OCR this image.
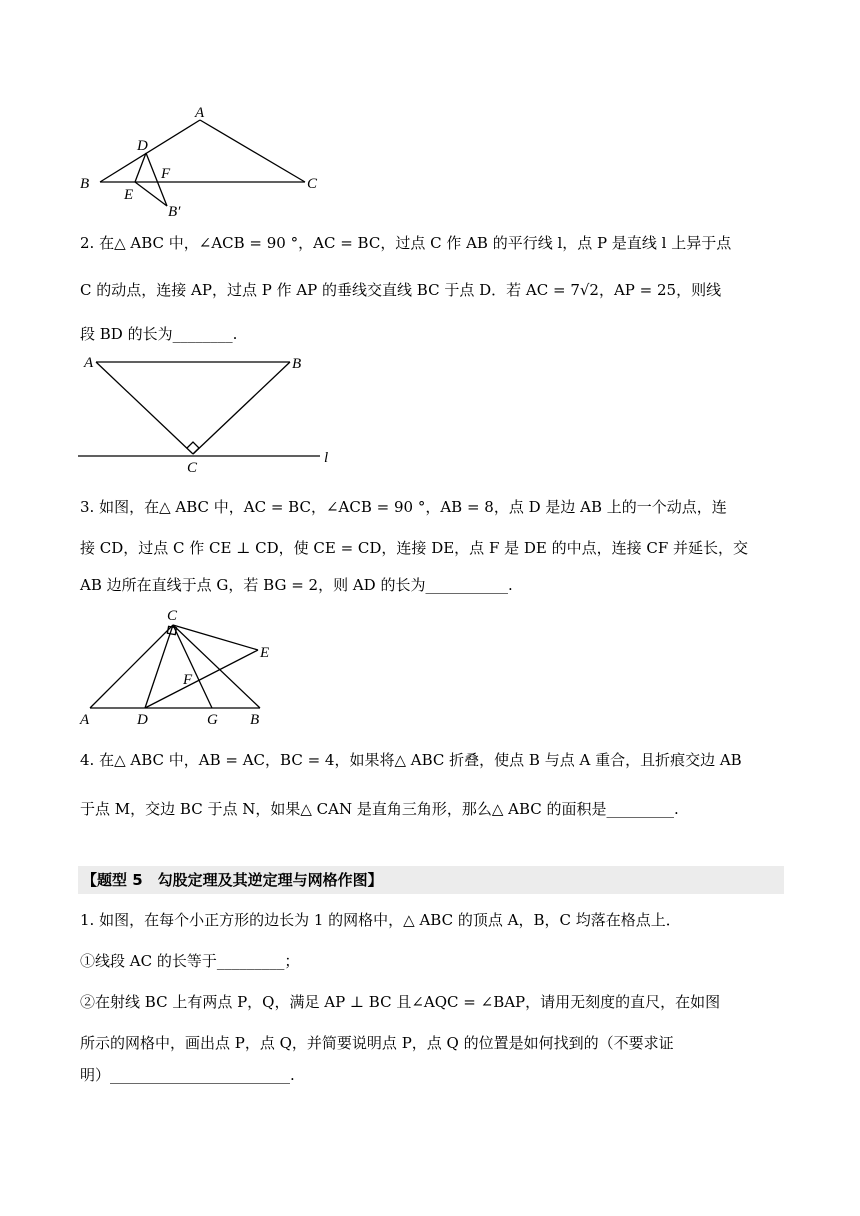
A
B	C
D
E
F
B′
2. 在△ ABC 中，∠ACB = 90 °，AC = BC，过点 C 作 AB 的平行线 l，点 P 是直线 l 上异于点
C 的动点，连接 AP，过点 P 作 AP 的垂线交直线 BC 于点 D．若 AC = 7√2，AP = 25，则线
段 BD 的长为________.
A	B
C
l
3. 如图，在△ ABC 中，AC = BC，∠ACB = 90 °，AB = 8，点 D 是边 AB 上的一个动点，连
接 CD，过点 C 作 CE ⊥ CD，使 CE = CD，连接 DE，点 F 是 DE 的中点，连接 CF 并延长，交
AB 边所在直线于点 G，若 BG = 2，则 AD 的长为___________.
C
E
F
A	D	G B
4. 在△ ABC 中，AB = AC，BC = 4，如果将△ ABC 折叠，使点 B 与点 A 重合，且折痕交边 AB
于点 M，交边 BC 于点 N，如果△ CAN 是直角三角形，那么△ ABC 的面积是_________.
【题型 5　勾股定理及其逆定理与网格作图】
1. 如图，在每个小正方形的边长为 1 的网格中，△ ABC 的顶点 A，B，C 均落在格点上．
①线段 AC 的长等于_________；
②在射线 BC 上有两点 P，Q，满足 AP ⊥ BC 且∠AQC = ∠BAP，请用无刻度的直尺，在如图
所示的网格中，画出点 P，点 Q，并简要说明点 P，点 Q 的位置是如何找到的（不要求证
明）________________________.
